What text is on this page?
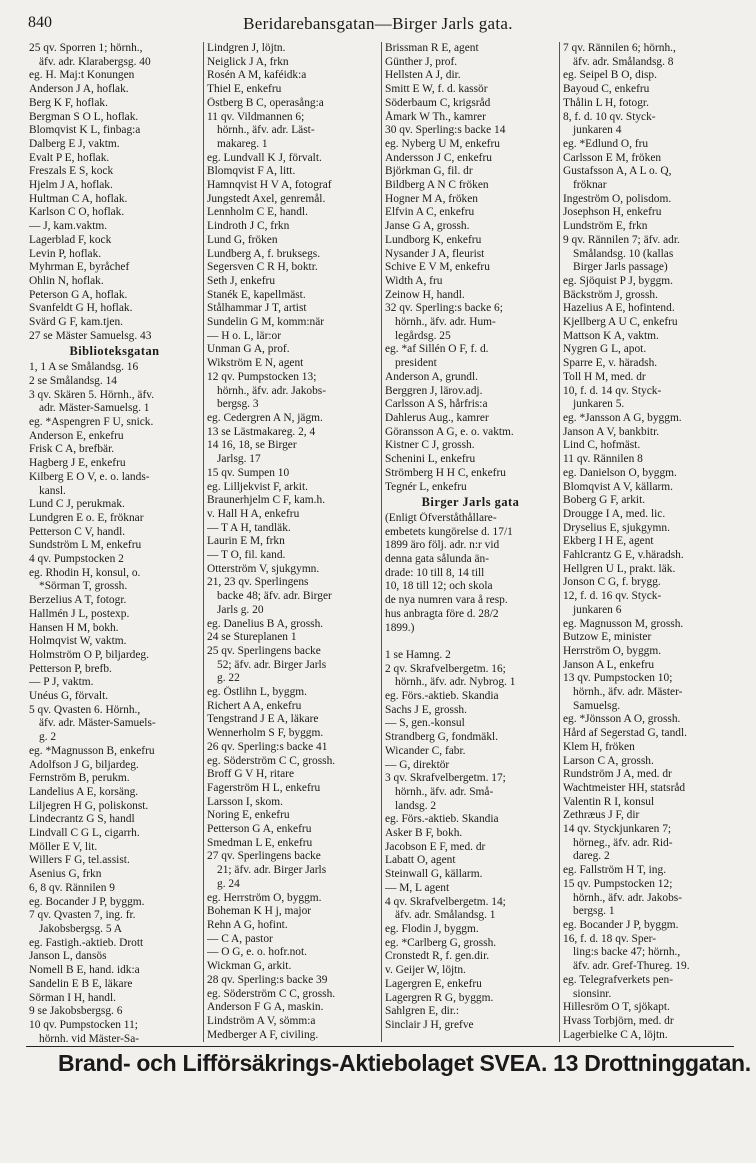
840	Beridarebansgatan—Birger Jarls gata.
25 qv. Sporren 1; hörnh.,
äfv. adr. Klarabergsg. 40
eg. H. Maj:t Konungen
Anderson J A, hoflak.
Berg K F, hoflak.
Bergman S O L, hoflak.
Blomqvist K L, finbag:a
Dalberg E J, vaktm.
Evalt P E, hoflak.
Freszals E S, kock
Hjelm J A, hoflak.
Hultman C A, hoflak.
Karlson C O, hoflak.
— J, kam.vaktm.
Lagerblad F, kock
Levin P, hoflak.
Myhrman E, byråchef
Ohlin N, hoflak.
Peterson G A, hoflak.
Svanfeldt G H, hoflak.
Svärd G F, kam.tjen.
27 se Mäster Samuelsg. 43
Biblioteksgatan
1, 1 A se Smålandsg. 16
2 se Smålandsg. 14
3 qv. Skären 5. Hörnh., äfv.
adr. Mäster-Samuelsg. 1
eg. *Aspengren F U, snick.
Anderson E, enkefru
Frisk C A, brefbär.
Hagberg J E, enkefru
Kilberg E O V, e. o. lands-
kansl.
Lund C J, perukmak.
Lundgren E o. E, fröknar
Petterson C V, handl.
Sundström L M, enkefru
4 qv. Pumpstocken 2
eg. Rhodin H, konsul, o.
*Sörman T, grossh.
Berzelius A T, fotogr.
Hallmén J L, postexp.
Hansen H M, bokh.
Holmqvist W, vaktm.
Holmström O P, biljardeg.
Petterson P, brefb.
— P J, vaktm.
Unéus G, förvalt.
5 qv. Qvasten 6. Hörnh.,
äfv. adr. Mäster-Samuels-
g. 2
eg. *Magnusson B, enkefru
Adolfson J G, biljardeg.
Fernström B, perukm.
Landelius A E, korsäng.
Liljegren H G, poliskonst.
Lindecrantz G S, handl
Lindvall C G L, cigarrh.
Möller E V, lit.
Willers F G, tel.assist.
Åsenius G, frkn
6, 8 qv. Rännilen 9
eg. Bocander J P, byggm.
7 qv. Qvasten 7, ing. fr.
Jakobsbergsg. 5 A
eg. Fastigh.-aktieb. Drott
Janson L, dansös
Nomell B E, hand. idk:a
Sandelin E B E, läkare
Sörman I H, handl.
9 se Jakobsbergsg. 6
10 qv. Pumpstocken 11;
hörnh. vid Mäster-Sa-
Lindgren J, löjtn.
Neiglick J A, frkn
Rosén A M, kaféidk:a
Thiel E, enkefru
Östberg B C, operasång:a
11 qv. Vildmannen 6;
hörnh., äfv. adr. Läst-
makareg. 1
eg. Lundvall K J, förvalt.
Blomqvist F A, litt.
Hamnqvist H V A, fotograf
Jungstedt Axel, genremål.
Lennholm C E, handl.
Lindroth J C, frkn
Lund G, fröken
Lundberg A, f. bruksegs.
Segersven C R H, boktr.
Seth J, enkefru
Stanék E, kapellmäst.
Stålhammar J T, artist
Sundelin G M, komm:när
— H o. L, lär:or
Unman G A, prof.
Wikström E N, agent
12 qv. Pumpstocken 13;
hörnh., äfv. adr. Jakobs-
bergsg. 3
eg. Cedergren A N, jägm.
13 se Lästmakareg. 2, 4
14 16, 18, se Birger
Jarlsg. 17
15 qv. Sumpen 10
eg. Lilljekvist F, arkit.
Braunerhjelm C F, kam.h.
v. Hall H A, enkefru
— T A H, tandläk.
Laurin E M, frkn
— T O, fil. kand.
Otterström V, sjukgymn.
21, 23 qv. Sperlingens
backe 48; äfv. adr. Birger
Jarls g. 20
eg. Danelius B A, grossh.
24 se Stureplanen 1
25 qv. Sperlingens backe
52; äfv. adr. Birger Jarls
g. 22
eg. Östlihn L, byggm.
Richert A A, enkefru
Tengstrand J E A, läkare
Wennerholm S F, byggm.
26 qv. Sperling:s backe 41
eg. Söderström C C, grossh.
Broff G V H, ritare
Fagerström H L, enkefru
Larsson I, skom.
Noring E, enkefru
Petterson G A, enkefru
Smedman L E, enkefru
27 qv. Sperlingens backe
21; äfv. adr. Birger Jarls
g. 24
eg. Herrström O, byggm.
Boheman K H j, major
Rehn A G, hofint.
— C A, pastor
— O G, e. o. hofr.not.
Wickman G, arkit.
28 qv. Sperling:s backe 39
eg. Söderström C C, grossh.
Anderson F G A, maskin.
Lindström A V, sömm:a
Medberger A F, civiling.
Brissman R E, agent
Günther J, prof.
Hellsten A J, dir.
Smitt E W, f. d. kassör
Söderbaum C, krigsråd
Åmark W Th., kamrer
30 qv. Sperling:s backe 14
eg. Nyberg U M, enkefru
Andersson J C, enkefru
Björkman G, fil. dr
Bildberg A N C fröken
Hogner M A, fröken
Elfvin A C, enkefru
Janse G A, grossh.
Lundborg K, enkefru
Nysander J A, fleurist
Schive E V M, enkefru
Width A, fru
Zeinow H, handl.
32 qv. Sperling:s backe 6;
hörnh., äfv. adr. Hum-
legårdsg. 25
eg. *af Sillén O F, f. d.
president
Anderson A, grundl.
Berggren J, lärov.adj.
Carlsson A S, hårfris:a
Dahlerus Aug., kamrer
Göransson A G, e. o. vaktm.
Kistner C J, grossh.
Schenini L, enkefru
Strömberg H H C, enkefru
Tegnér L, enkefru
Birger Jarls gata
(Enligt Öfverståthållare-
embetets kungörelse d. 17/1
1899 äro följ. adr. n:r vid
denna gata sålunda än-
drade: 10 till 8, 14 till
10, 18 till 12; och skola
de nya numren vara å resp.
hus anbragta före d. 28/2
1899.)

1 se Hamng. 2
2 qv. Skrafvelbergetm. 16;
hörnh., äfv. adr. Nybrog. 1
eg. Förs.-aktieb. Skandia
Sachs J E, grossh.
— S, gen.-konsul
Strandberg G, fondmäkl.
Wicander C, fabr.
— G, direktör
3 qv. Skrafvelbergetm. 17;
hörnh., äfv. adr. Små-
landsg. 2
eg. Förs.-aktieb. Skandia
Asker B F, bokh.
Jacobson E F, med. dr
Labatt O, agent
Steinwall G, källarm.
— M, L agent
4 qv. Skrafvelbergetm. 14;
äfv. adr. Smålandsg. 1
eg. Flodin J, byggm.
eg. *Carlberg G, grossh.
Cronstedt R, f. gen.dir.
v. Geijer W, löjtn.
Lagergren E, enkefru
Lagergren R G, byggm.
Sahlgren E, dir.:
Sinclair J H, grefve
7 qv. Rännilen 6; hörnh.,
äfv. adr. Smålandsg. 8
eg. Seipel B O, disp.
Bayoud C, enkefru
Thålin L H, fotogr.
8, f. d. 10 qv. Styck-
junkaren 4
eg. *Edlund O, fru
Carlsson E M, fröken
Gustafsson A, A L o. Q,
fröknar
Ingeström O, polisdom.
Josephson H, enkefru
Lundström E, frkn
9 qv. Rännilen 7; äfv. adr.
Smålandsg. 10 (kallas
Birger Jarls passage)
eg. Sjöquist P J, byggm.
Bäckström J, grossh.
Hazelius A E, hofintend.
Kjellberg A U C, enkefru
Mattson K A, vaktm.
Nygren G L, apot.
Sparre E, v. häradsh.
Toll H M, med. dr
10, f. d. 14 qv. Styck-
junkaren 5.
eg. *Jansson A G, byggm.
Janson A V, bankbitr.
Lind C, hofmäst.
11 qv. Rännilen 8
eg. Danielson O, byggm.
Blomqvist A V, källarm.
Boberg G F, arkit.
Drougge I A, med. lic.
Dryselius E, sjukgymn.
Ekberg I H E, agent
Fahlcrantz G E, v.häradsh.
Hellgren U L, prakt. läk.
Jonson C G, f. brygg.
12, f. d. 16 qv. Styck-
junkaren 6
eg. Magnusson M, grossh.
Butzow E, minister
Herrström O, byggm.
Janson A L, enkefru
13 qv. Pumpstocken 10;
hörnh., äfv. adr. Mäster-
Samuelsg.
eg. *Jönsson A O, grossh.
Hård af Segerstad G, tandl.
Klem H, fröken
Larson C A, grossh.
Rundström J A, med. dr
Wachtmeister HH, statsråd
Valentin R I, konsul
Zethræus J F, dir
14 qv. Styckjunkaren 7;
hörneg., äfv. adr. Rid-
dareg. 2
eg. Fallström H T, ing.
15 qv. Pumpstocken 12;
hörnh., äfv. adr. Jakobs-
bergsg. 1
eg. Bocander J P, byggm.
16, f. d. 18 qv. Sper-
ling:s backe 47; hörnh.,
äfv. adr. Gref-Thureg. 19.
eg. Telegrafverkets pen-
sionsinr.
Hillesröm O T, sjökapt.
Hvass Torbjörn, med. dr
Lagerbielke C A, löjtn.
Brand- och Lifförsäkrings-Aktiebolaget SVEA. 13 Drottninggatan.
